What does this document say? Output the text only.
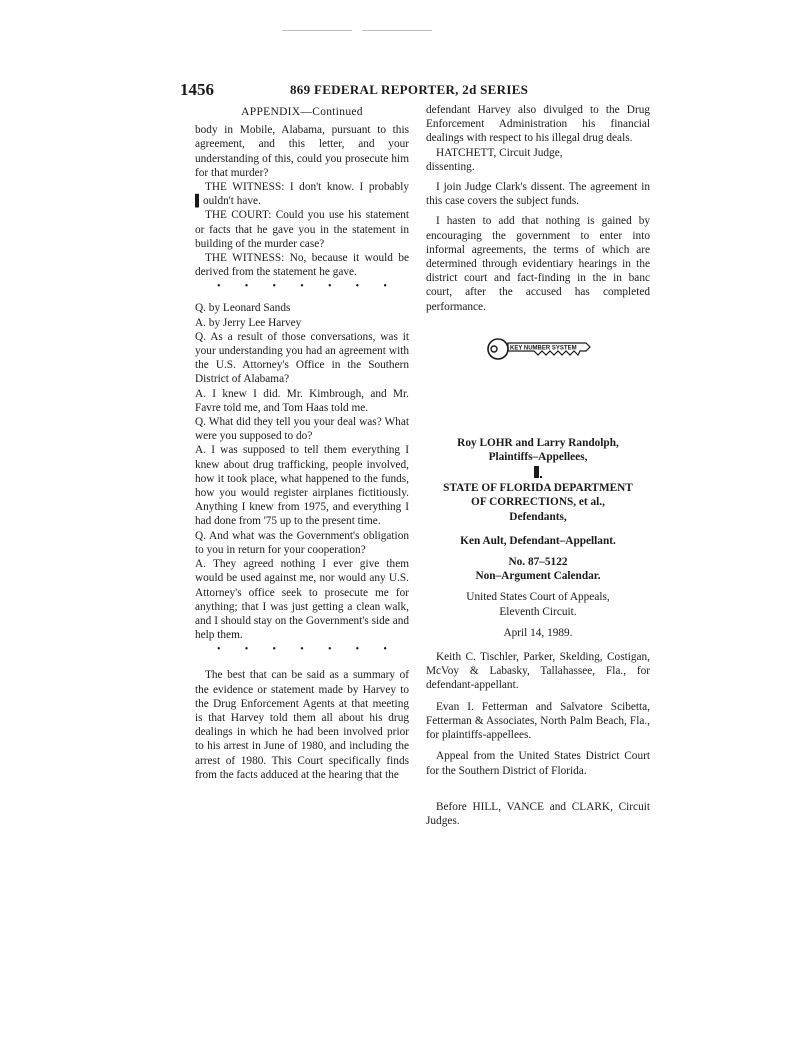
1456	869 FEDERAL REPORTER, 2d SERIES

APPENDIX—Continued

body in Mobile, Alabama, pursuant to this agreement, and this letter, and your understanding of this, could you prosecute him for that murder?

THE WITNESS: I don't know. I probably ▌ouldn't have.

THE COURT: Could you use his statement or facts that he gave you in the statement in building of the murder case?

THE WITNESS: No, because it would be derived from the statement he gave.

• • • • • • •

Q. by Leonard Sands

A. by Jerry Lee Harvey

Q. As a result of those conversations, was it your understanding you had an agreement with the U.S. Attorney's Office in the Southern District of Alabama?

A. I knew I did. Mr. Kimbrough, and Mr. Favre told me, and Tom Haas told me.

Q. What did they tell you your deal was? What were you supposed to do?

A. I was supposed to tell them everything I knew about drug trafficking, people involved, how it took place, what happened to the funds, how you would register airplanes fictitiously. Anything I knew from 1975, and everything I had done from '75 up to the present time.

Q. And what was the Government's obligation to you in return for your cooperation?

A. They agreed nothing I ever give them would be used against me, nor would any U.S. Attorney's office seek to prosecute me for anything; that I was just getting a clean walk, and I should stay on the Government's side and help them.

• • • • • • •

The best that can be said as a summary of the evidence or statement made by Harvey to the Drug Enforcement Agents at that meeting is that Harvey told them all about his drug dealings in which he had been involved prior to his arrest in June of 1980, and including the arrest of 1980. This Court specifically finds from the facts adduced at the hearing that the

defendant Harvey also divulged to the Drug Enforcement Administration his financial dealings with respect to his illegal drug deals.

HATCHETT, Circuit Judge,

dissenting.

I join Judge Clark's dissent. The agreement in this case covers the subject funds.

I hasten to add that nothing is gained by encouraging the government to enter into informal agreements, the terms of which are determined through evidentiary hearings in the district court and fact-finding in the in banc court, after the accused has completed performance.

KEY NUMBER SYSTEM

Roy LOHR and Larry Randolph,

Plaintiffs–Appellees,

STATE OF FLORIDA DEPARTMENT

OF CORRECTIONS, et al.,

Defendants,

Ken Ault, Defendant–Appellant.

No. 87–5122

Non–Argument Calendar.

United States Court of Appeals,

Eleventh Circuit.

April 14, 1989.

Keith C. Tischler, Parker, Skelding, Costigan, McVoy & Labasky, Tallahassee, Fla., for defendant-appellant.

Evan I. Fetterman and Salvatore Scibetta, Fetterman & Associates, North Palm Beach, Fla., for plaintiffs-appellees.

Appeal from the United States District Court for the Southern District of Florida.

Before HILL, VANCE and CLARK, Circuit Judges.
